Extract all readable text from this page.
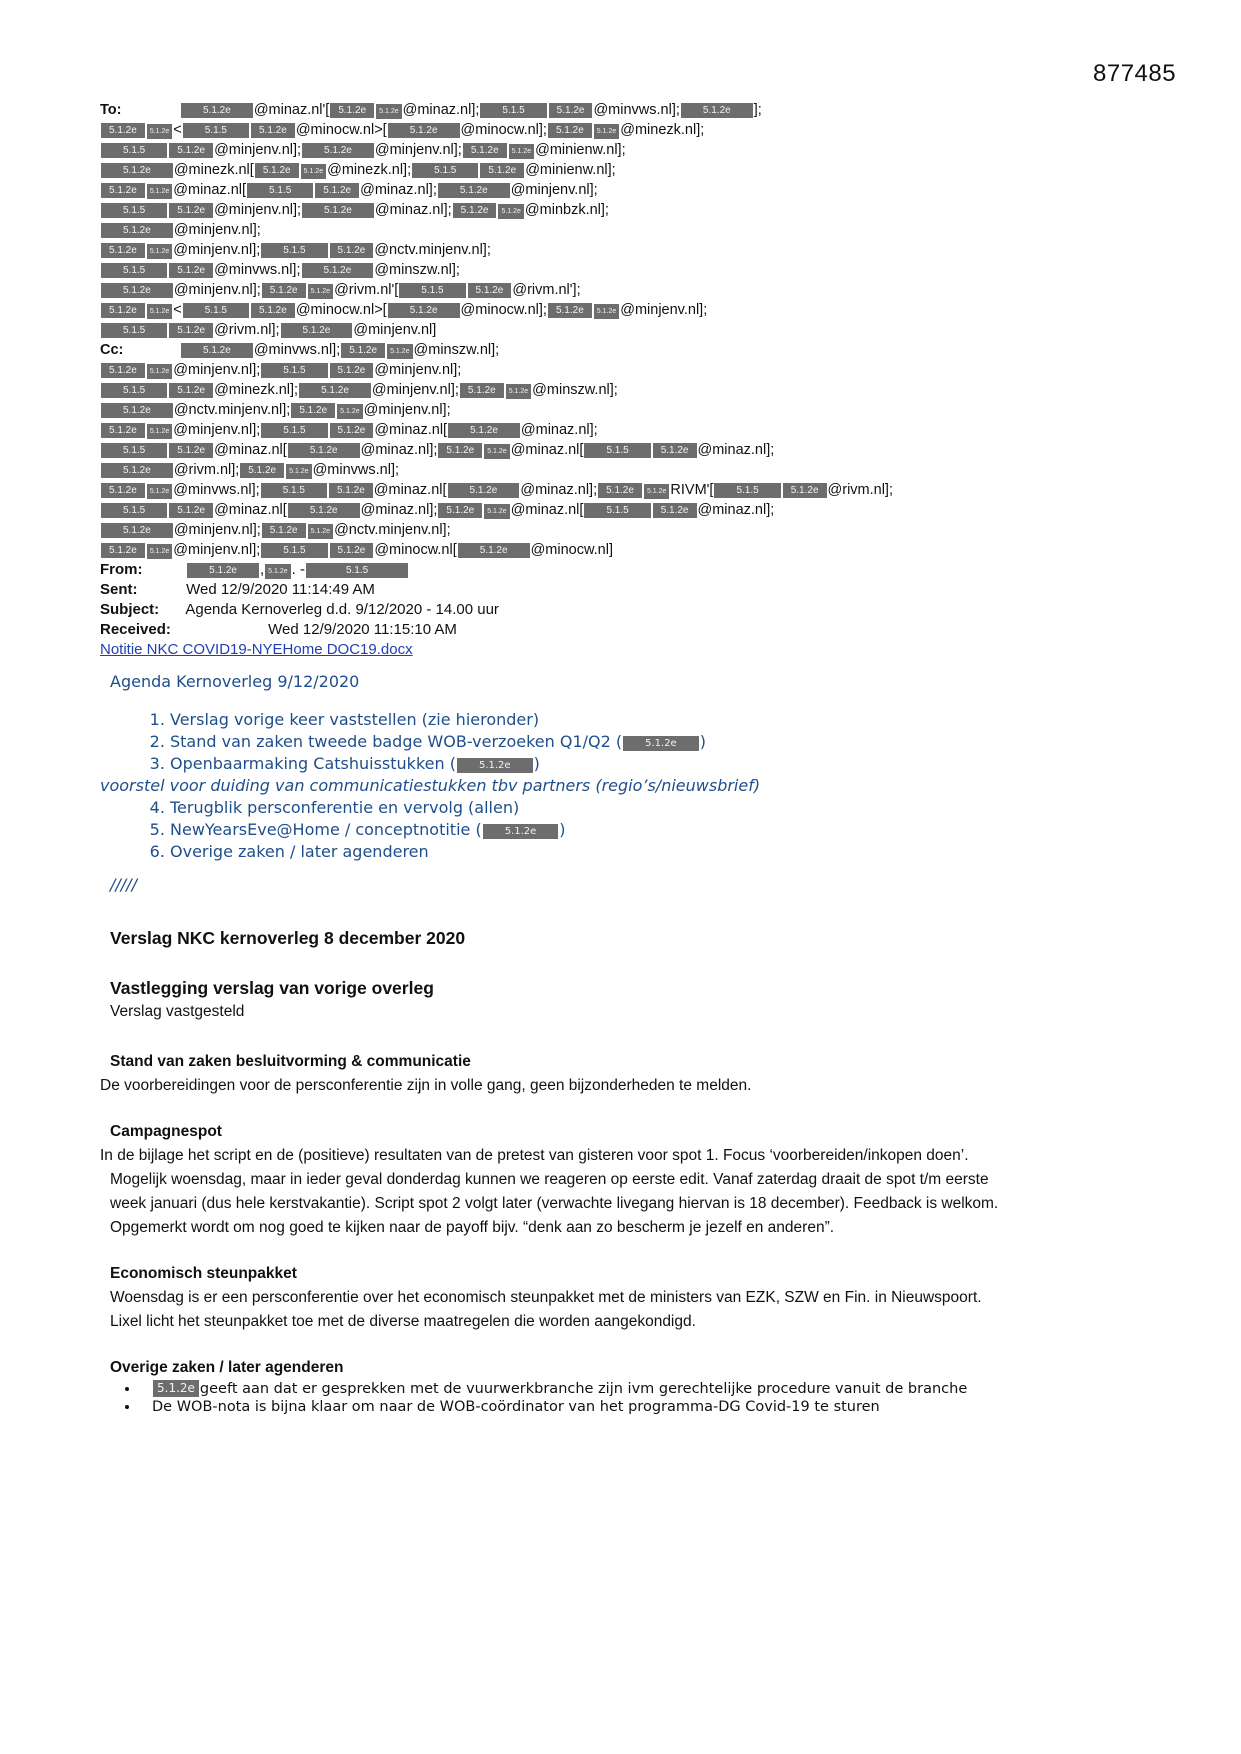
877485
To:	5.1.2e @minaz.nl'[ 5.1.2e 5.1.2e @minaz.nl]; 5.1.5	5.1.2e @minvws.nl]; 5.1.2e ];
5.1.2e 5.1.2e < 5.1.5	5.1.2e @minocw.nl>[ 5.1.2e @minocw.nl]; 5.1.2e 5.1.2e @minezk.nl];
5.1.5	5.1.2e @minjenv.nl]; 5.1.2e @minjenv.nl]; 5.1.2e 5.1.2e @minienw.nl];
5.1.2e @minezk.nl[ 5.1.2e 5.1.2e @minezk.nl]; 5.1.5	5.1.2e @minienw.nl];
5.1.2e 5.1.2e @minaz.nl[ 5.1.5	5.1.2e @minaz.nl]; 5.1.2e @minjenv.nl];
5.1.5	5.1.2e @minjenv.nl]; 5.1.2e @minaz.nl]; 5.1.2e 5.1.2e @minbzk.nl];
5.1.2e @minjenv.nl];
5.1.2e 5.1.2e @minjenv.nl]; 5.1.5	5.1.2e @nctv.minjenv.nl];
5.1.5	5.1.2e @minvws.nl]; 5.1.2e @minszw.nl];
5.1.2e @minjenv.nl]; 5.1.2e 5.1.2e @rivm.nl'[ 5.1.5	5.1.2e @rivm.nl'];
5.1.2e 5.1.2e < 5.1.5	5.1.2e @minocw.nl>[ 5.1.2e @minocw.nl]; 5.1.2e 5.1.2e @minjenv.nl];
5.1.5	5.1.2e @rivm.nl]; 5.1.2e @minjenv.nl]
Cc:	5.1.2e @minvws.nl]; 5.1.2e 5.1.2e @minszw.nl];
5.1.2e 5.1.2e @minjenv.nl]; 5.1.5	5.1.2e @minjenv.nl];
5.1.5	5.1.2e @minezk.nl]; 5.1.2e @minjenv.nl]; 5.1.2e 5.1.2e @minszw.nl];
5.1.2e @nctv.minjenv.nl]; 5.1.2e 5.1.2e @minjenv.nl];
5.1.2e 5.1.2e @minjenv.nl]; 5.1.5	5.1.2e @minaz.nl[ 5.1.2e @minaz.nl];
5.1.5	5.1.2e @minaz.nl[ 5.1.2e @minaz.nl]; 5.1.2e 5.1.2e @minaz.nl[ 5.1.5	5.1.2e @minaz.nl];
5.1.2e @rivm.nl]; 5.1.2e 5.1.2e @minvws.nl];
5.1.2e 5.1.2e @minvws.nl]; 5.1.5	5.1.2e @minaz.nl[ 5.1.2e @minaz.nl]; 5.1.2e 5.1.2e RIVM'[ 5.1.5	5.1.2e @rivm.nl];
5.1.5	5.1.2e @minaz.nl[ 5.1.2e @minaz.nl]; 5.1.2e 5.1.2e @minaz.nl[ 5.1.5	5.1.2e @minaz.nl];
5.1.2e @minjenv.nl]; 5.1.2e 5.1.2e @nctv.minjenv.nl];
5.1.2e 5.1.2e @minjenv.nl]; 5.1.5	5.1.2e @minocw.nl[ 5.1.2e @minocw.nl]
From:	5.1.2e , 5.1.2e . -	5.1.5
Sent:	Wed 12/9/2020 11:14:49 AM
Subject: Agenda Kernoverleg d.d. 9/12/2020 - 14.00 uur
Received:	Wed 12/9/2020 11:15:10 AM
Notitie NKC COVID19-NYEHome DOC19.docx
Agenda Kernoverleg 9/12/2020
1. Verslag vorige keer vaststellen (zie hieronder)
2. Stand van zaken tweede badge WOB-verzoeken Q1/Q2 ( 5.1.2e )
3. Openbaarmaking Catshuisstukken ( 5.1.2e )
voorstel voor duiding van communicatiestukken tbv partners (regio’s/nieuwsbrief)
4. Terugblik persconferentie en vervolg (allen)
5. NewYearsEve@Home / conceptnotitie ( 5.1.2e )
6. Overige zaken / later agenderen
/////
Verslag NKC kernoverleg 8 december 2020
Vastlegging verslag van vorige overleg

Verslag vastgesteld

Stand van zaken besluitvorming & communicatie

De voorbereidingen voor de persconferentie zijn in volle gang, geen bijzonderheden te melden.

Campagnespot

In de bijlage het script en de (positieve) resultaten van de pretest van gisteren voor spot 1. Focus ‘voorbereiden/inkopen doen’.

Mogelijk woensdag, maar in ieder geval donderdag kunnen we reageren op eerste edit. Vanaf zaterdag draait de spot t/m eerste

week januari (dus hele kerstvakantie). Script spot 2 volgt later (verwachte livegang hiervan is 18 december). Feedback is welkom.

Opgemerkt wordt om nog goed te kijken naar de payoff bijv. “denk aan zo bescherm je jezelf en anderen”.

Economisch steunpakket

Woensdag is er een persconferentie over het economisch steunpakket met de ministers van EZK, SZW en Fin. in Nieuwspoort.

Lixel licht het steunpakket toe met de diverse maatregelen die worden aangekondigd.

Overige zaken / later agenderen
• 5.1.2e geeft aan dat er gesprekken met de vuurwerkbranche zijn ivm gerechtelijke procedure vanuit de branche
• De WOB-nota is bijna klaar om naar de WOB-coördinator van het programma-DG Covid-19 te sturen
